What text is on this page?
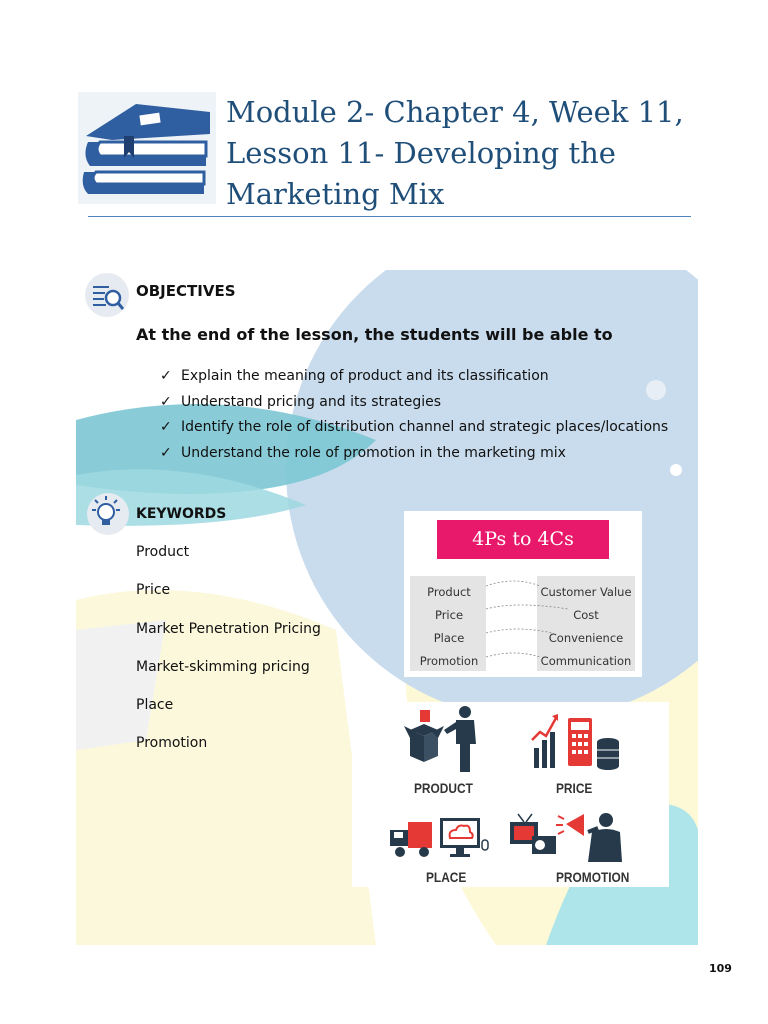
Module 2- Chapter 4, Week 11,
Lesson 11- Developing the
Marketing Mix
OBJECTIVES
At the end of the lesson, the students will be able to
✓ Explain the meaning of product and its classification
✓ Understand pricing and its strategies
✓ Identify the role of distribution channel and strategic places/locations
✓ Understand the role of promotion in the marketing mix
KEYWORDS
Product
Price
Market Penetration Pricing
Market-skimming pricing
Place
Promotion
4Ps to 4Cs
Product
Price
Place
Promotion
Customer Value
Cost
Convenience
Communication
PRODUCT	PRICE
PLACE	PROMOTION
109
